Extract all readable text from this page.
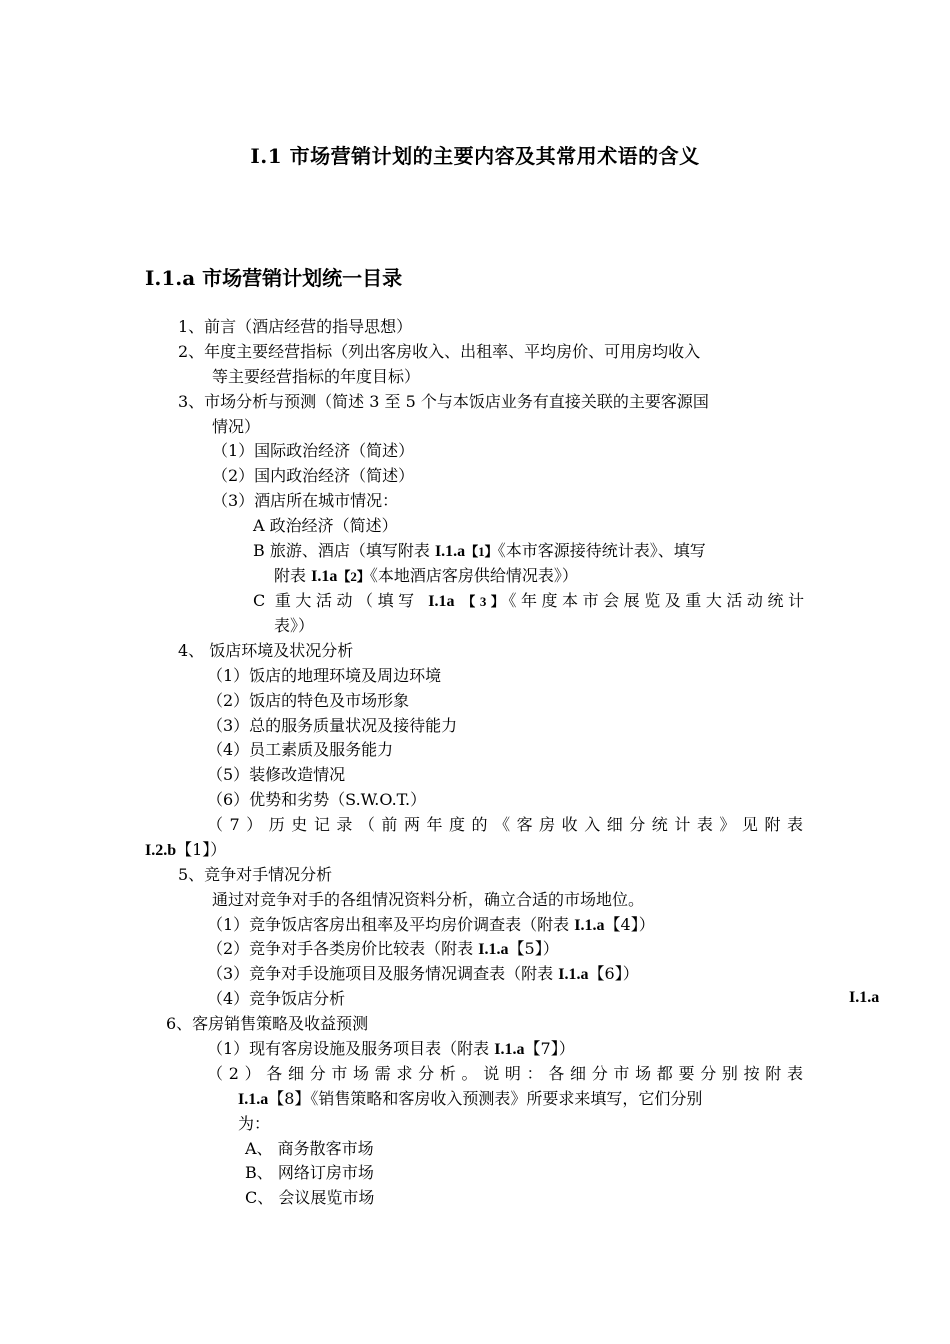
I.1 市场营销计划的主要内容及其常用术语的含义
I.1.a 市场营销计划统一目录
1、前言（酒店经营的指导思想）
2、年度主要经营指标（列出客房收入、出租率、平均房价、可用房均收入
等主要经营指标的年度目标）
3、市场分析与预测（简述 3 至 5 个与本饭店业务有直接关联的主要客源国
情况）
（1）国际政治经济（简述）
（2）国内政治经济（简述）
（3）酒店所在城市情况：
A 政治经济（简述）
B 旅游、酒店（填写附表 I.1.a【1】《本市客源接待统计表》、填写
附表 I.1a【2】《本地酒店客房供给情况表》）
C 重大活动（填写 I.1a 【3】《年度本市会展览及重大活动统计
表》）
4、 饭店环境及状况分析
（1）饭店的地理环境及周边环境
（2）饭店的特色及市场形象
（3）总的服务质量状况及接待能力
（4）员工素质及服务能力
（5）装修改造情况
（6）优势和劣势（S.W.O.T.）
（7）历史记录（前两年度的《客房收入细分统计表》见附表
I.2.b【1】）
5、竞争对手情况分析
通过对竞争对手的各组情况资料分析，确立合适的市场地位。
（1）竞争饭店客房出租率及平均房价调查表（附表 I.1.a【4】）
（2）竞争对手各类房价比较表（附表 I.1.a【5】）
（3）竞争对手设施项目及服务情况调查表（附表 I.1.a【6】）
（4）竞争饭店分析	I.1.a
6、客房销售策略及收益预测
（1）现有客房设施及服务项目表（附表 I.1.a【7】）
（2）各细分市场需求分析。说明：各细分市场都要分别按附表
I.1.a【8】《销售策略和客房收入预测表》所要求来填写，它们分别
为：
A、 商务散客市场
B、 网络订房市场
C、 会议展览市场
